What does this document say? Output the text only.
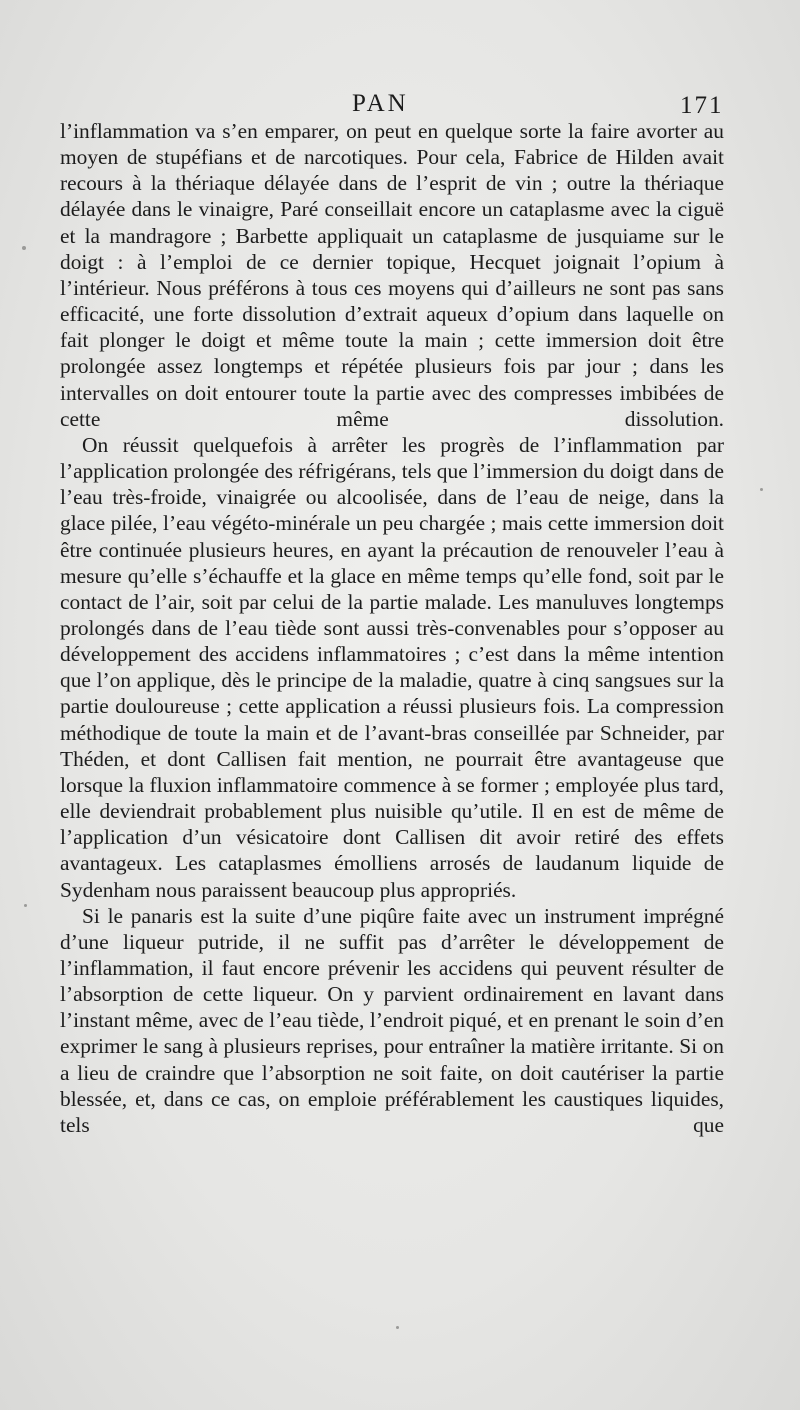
PAN	171

l’inflammation va s’en emparer, on peut en quelque sorte la faire avorter au moyen de stupéfians et de narcotiques. Pour cela, Fabrice de Hilden avait recours à la thériaque délayée dans de l’esprit de vin ; outre la thériaque délayée dans le vinaigre, Paré conseillait encore un cataplasme avec la ciguë et la mandragore ; Barbette appliquait un cataplasme de jusquiame sur le doigt : à l’emploi de ce dernier topique, Hecquet joignait l’opium à l’intérieur. Nous préférons à tous ces moyens qui d’ailleurs ne sont pas sans efficacité, une forte dissolution d’extrait aqueux d’opium dans laquelle on fait plonger le doigt et même toute la main ; cette immersion doit être prolongée assez longtemps et répétée plusieurs fois par jour ; dans les intervalles on doit entourer toute la partie avec des compresses imbibées de cette même dissolution.

On réussit quelquefois à arrêter les progrès de l’inflammation par l’application prolongée des réfrigérans, tels que l’immersion du doigt dans de l’eau très-froide, vinaigrée ou alcoolisée, dans de l’eau de neige, dans la glace pilée, l’eau végéto-minérale un peu chargée ; mais cette immersion doit être continuée plusieurs heures, en ayant la précaution de renouveler l’eau à mesure qu’elle s’échauffe et la glace en même temps qu’elle fond, soit par le contact de l’air, soit par celui de la partie malade. Les manuluves longtemps prolongés dans de l’eau tiède sont aussi très-convenables pour s’opposer au développement des accidens inflammatoires ; c’est dans la même intention que l’on applique, dès le principe de la maladie, quatre à cinq sangsues sur la partie douloureuse ; cette application a réussi plusieurs fois. La compression méthodique de toute la main et de l’avant-bras conseillée par Schneider, par Théden, et dont Callisen fait mention, ne pourrait être avantageuse que lorsque la fluxion inflammatoire commence à se former ; employée plus tard, elle deviendrait probablement plus nuisible qu’utile. Il en est de même de l’application d’un vésicatoire dont Callisen dit avoir retiré des effets avantageux. Les cataplasmes émolliens arrosés de laudanum liquide de Sydenham nous paraissent beaucoup plus appropriés.

Si le panaris est la suite d’une piqûre faite avec un instrument imprégné d’une liqueur putride, il ne suffit pas d’arrêter le développement de l’inflammation, il faut encore prévenir les accidens qui peuvent résulter de l’absorption de cette liqueur. On y parvient ordinairement en lavant dans l’instant même, avec de l’eau tiède, l’endroit piqué, et en prenant le soin d’en exprimer le sang à plusieurs reprises, pour entraîner la matière irritante. Si on a lieu de craindre que l’absorption ne soit faite, on doit cautériser la partie blessée, et, dans ce cas, on emploie préférablement les caustiques liquides, tels que
